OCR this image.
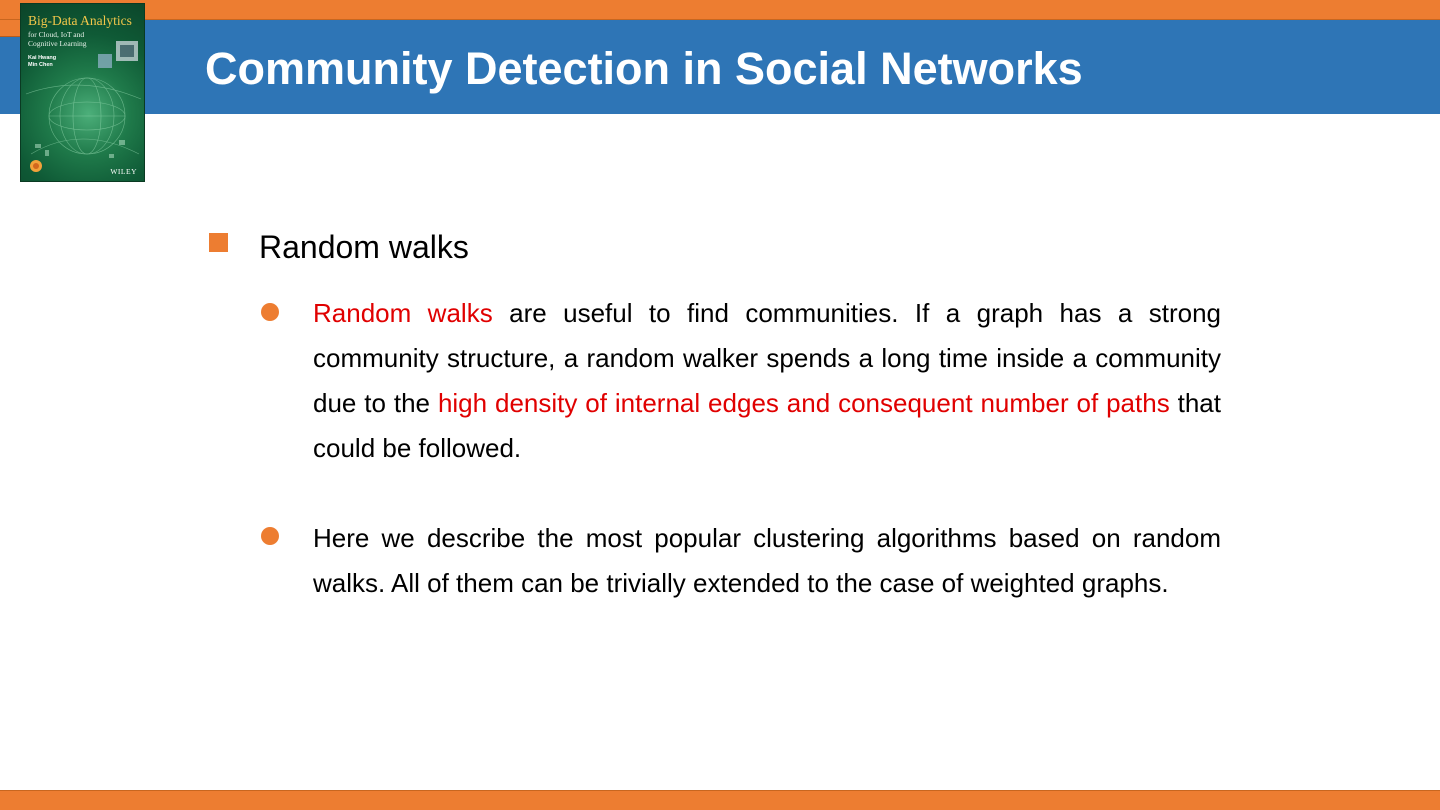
Community Detection in Social Networks
Big-Data Analytics
for Cloud, IoT and Cognitive Learning
Kai Hwang
Min Chen
WILEY
Random walks
Random walks are useful to find communities. If a graph has a strong community structure, a random walker spends a long time inside a community due to the high density of internal edges and consequent number of paths that could be followed.
Here we describe the most popular clustering algorithms based on random walks. All of them can be trivially extended to the case of weighted graphs.
